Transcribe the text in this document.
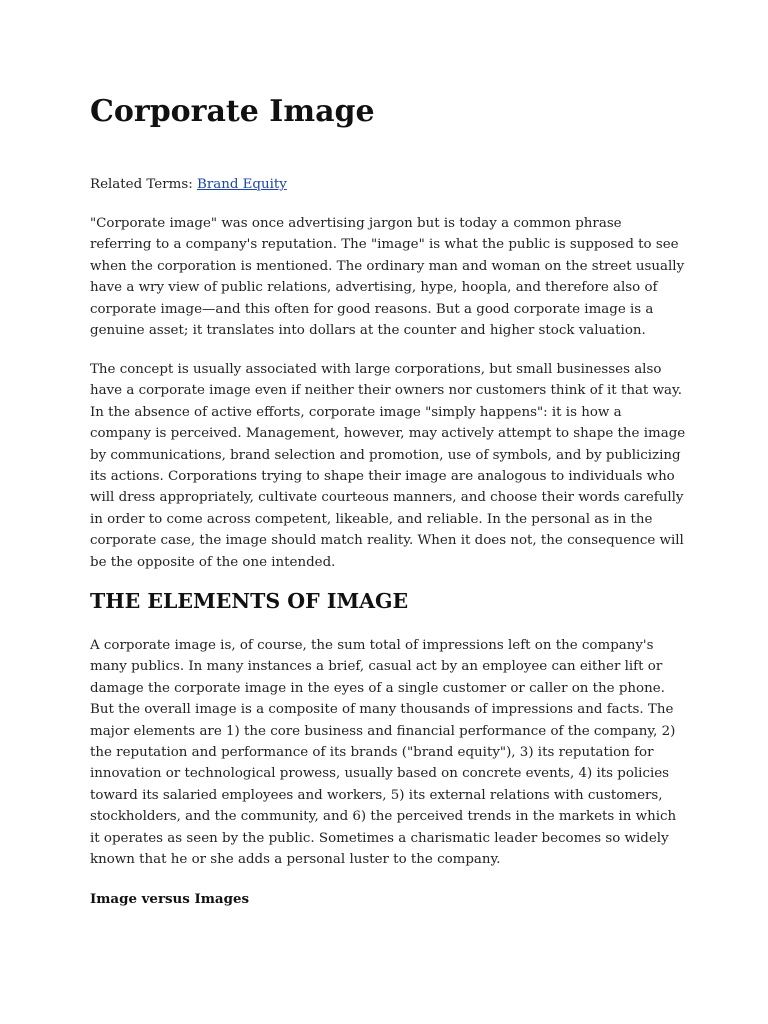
Corporate Image

Related Terms: Brand Equity

"Corporate image" was once advertising jargon but is today a common phrase referring to a company's reputation. The "image" is what the public is supposed to see when the corporation is mentioned. The ordinary man and woman on the street usually have a wry view of public relations, advertising, hype, hoopla, and therefore also of corporate image—and this often for good reasons. But a good corporate image is a genuine asset; it translates into dollars at the counter and higher stock valuation.

The concept is usually associated with large corporations, but small businesses also have a corporate image even if neither their owners nor customers think of it that way. In the absence of active efforts, corporate image "simply happens": it is how a company is perceived. Management, however, may actively attempt to shape the image by communications, brand selection and promotion, use of symbols, and by publicizing its actions. Corporations trying to shape their image are analogous to individuals who will dress appropriately, cultivate courteous manners, and choose their words carefully in order to come across competent, likeable, and reliable. In the personal as in the corporate case, the image should match reality. When it does not, the consequence will be the opposite of the one intended.

THE ELEMENTS OF IMAGE

A corporate image is, of course, the sum total of impressions left on the company's many publics. In many instances a brief, casual act by an employee can either lift or damage the corporate image in the eyes of a single customer or caller on the phone. But the overall image is a composite of many thousands of impressions and facts. The major elements are 1) the core business and financial performance of the company, 2) the reputation and performance of its brands ("brand equity"), 3) its reputation for innovation or technological prowess, usually based on concrete events, 4) its policies toward its salaried employees and workers, 5) its external relations with customers, stockholders, and the community, and 6) the perceived trends in the markets in which it operates as seen by the public. Sometimes a charismatic leader becomes so widely known that he or she adds a personal luster to the company.

Image versus Images
